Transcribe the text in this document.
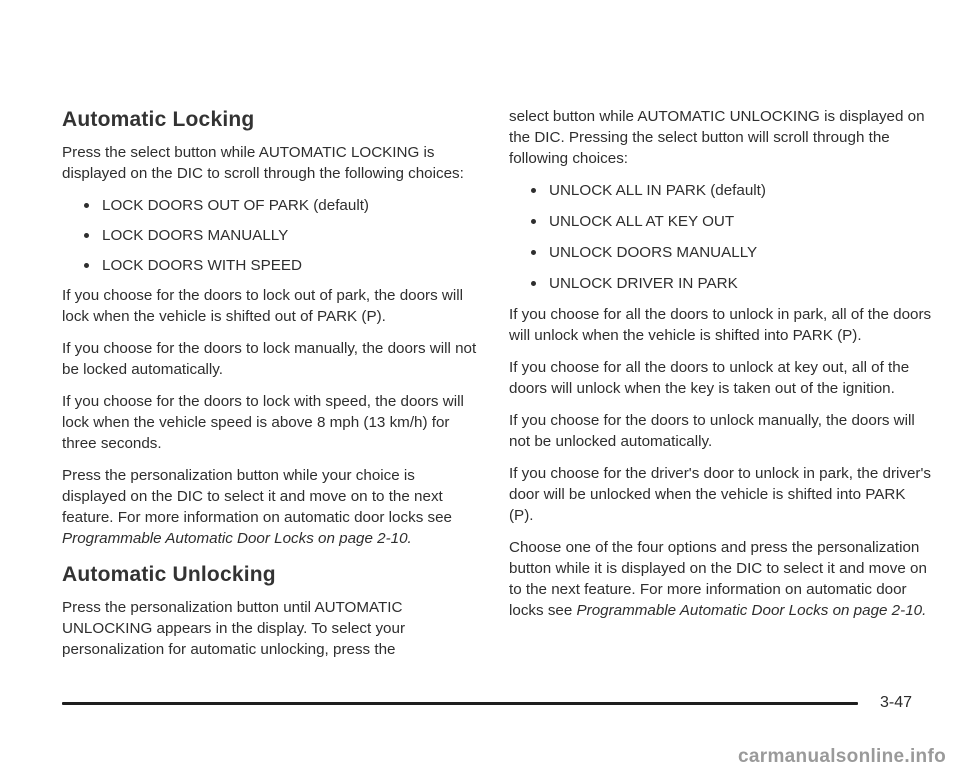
Automatic Locking

Press the select button while AUTOMATIC LOCKING is displayed on the DIC to scroll through the following choices:

LOCK DOORS OUT OF PARK (default)
LOCK DOORS MANUALLY
LOCK DOORS WITH SPEED

If you choose for the doors to lock out of park, the doors will lock when the vehicle is shifted out of PARK (P).

If you choose for the doors to lock manually, the doors will not be locked automatically.

If you choose for the doors to lock with speed, the doors will lock when the vehicle speed is above 8 mph (13 km/h) for three seconds.

Press the personalization button while your choice is displayed on the DIC to select it and move on to the next feature. For more information on automatic door locks see Programmable Automatic Door Locks on page 2-10.

Automatic Unlocking

Press the personalization button until AUTOMATIC UNLOCKING appears in the display. To select your personalization for automatic unlocking, press the

select button while AUTOMATIC UNLOCKING is displayed on the DIC. Pressing the select button will scroll through the following choices:

UNLOCK ALL IN PARK (default)
UNLOCK ALL AT KEY OUT
UNLOCK DOORS MANUALLY
UNLOCK DRIVER IN PARK

If you choose for all the doors to unlock in park, all of the doors will unlock when the vehicle is shifted into PARK (P).

If you choose for all the doors to unlock at key out, all of the doors will unlock when the key is taken out of the ignition.

If you choose for the doors to unlock manually, the doors will not be unlocked automatically.

If you choose for the driver's door to unlock in park, the driver's door will be unlocked when the vehicle is shifted into PARK (P).

Choose one of the four options and press the personalization button while it is displayed on the DIC to select it and move on to the next feature. For more information on automatic door locks see Programmable Automatic Door Locks on page 2-10.

3-47
carmanualsonline.info
